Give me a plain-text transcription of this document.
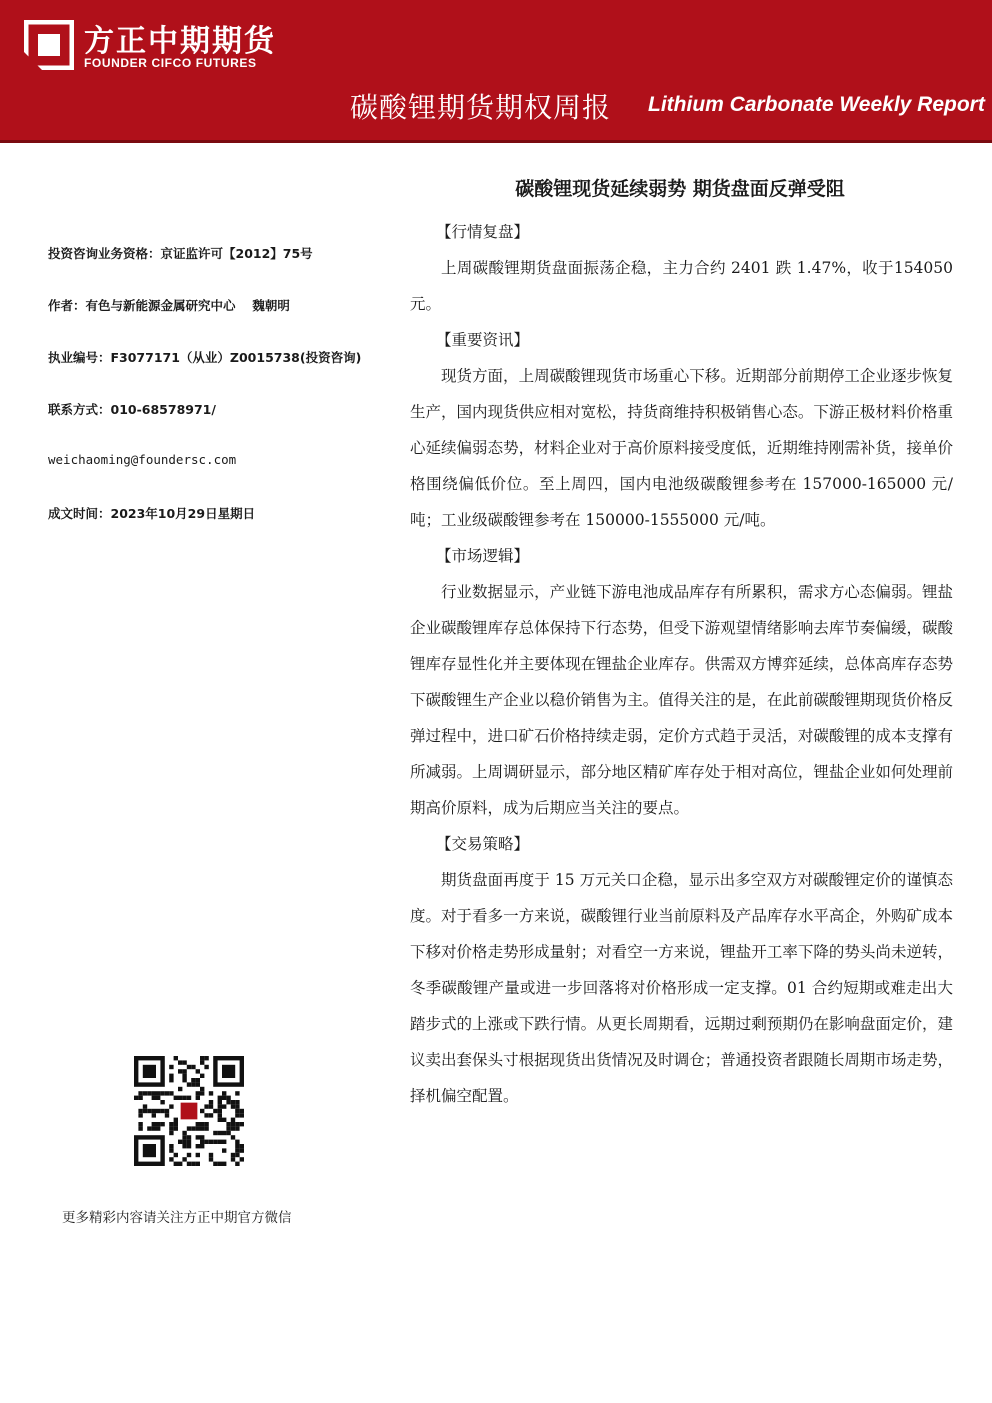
方正中期期货
FOUNDER CIFCO FUTURES
碳酸锂期货期权周报 Lithium Carbonate Weekly Report
碳酸锂现货延续弱势 期货盘面反弹受阻
投资咨询业务资格：京证监许可【2012】75号
作者：有色与新能源金属研究中心　 魏朝明
执业编号：F3077171（从业）Z0015738(投资咨询)
联系方式：010-68578971/
weichaoming@foundersc.com
成文时间：2023年10月29日星期日
更多精彩内容请关注方正中期官方微信

【行情复盘】

上周碳酸锂期货盘面振荡企稳，主力合约 2401 跌 1.47%，收于154050 元。

【重要资讯】

现货方面，上周碳酸锂现货市场重心下移。近期部分前期停工企业逐步恢复生产，国内现货供应相对宽松，持货商维持积极销售心态。下游正极材料价格重心延续偏弱态势，材料企业对于高价原料接受度低，近期维持刚需补货，接单价格围绕偏低价位。至上周四，国内电池级碳酸锂参考在 157000-165000 元/吨；工业级碳酸锂参考在 150000-1555000 元/吨。

【市场逻辑】

行业数据显示，产业链下游电池成品库存有所累积，需求方心态偏弱。锂盐企业碳酸锂库存总体保持下行态势，但受下游观望情绪影响去库节奏偏缓，碳酸锂库存显性化并主要体现在锂盐企业库存。供需双方博弈延续，总体高库存态势下碳酸锂生产企业以稳价销售为主。值得关注的是，在此前碳酸锂期现货价格反弹过程中，进口矿石价格持续走弱，定价方式趋于灵活，对碳酸锂的成本支撑有所减弱。上周调研显示，部分地区精矿库存处于相对高位，锂盐企业如何处理前期高价原料，成为后期应当关注的要点。

【交易策略】

期货盘面再度于 15 万元关口企稳，显示出多空双方对碳酸锂定价的谨慎态度。对于看多一方来说，碳酸锂行业当前原料及产品库存水平高企，外购矿成本下移对价格走势形成量射；对看空一方来说，锂盐开工率下降的势头尚未逆转，冬季碳酸锂产量或进一步回落将对价格形成一定支撑。01 合约短期或难走出大踏步式的上涨或下跌行情。从更长周期看，远期过剩预期仍在影响盘面定价，建议卖出套保头寸根据现货出货情况及时调仓；普通投资者跟随长周期市场走势，择机偏空配置。
